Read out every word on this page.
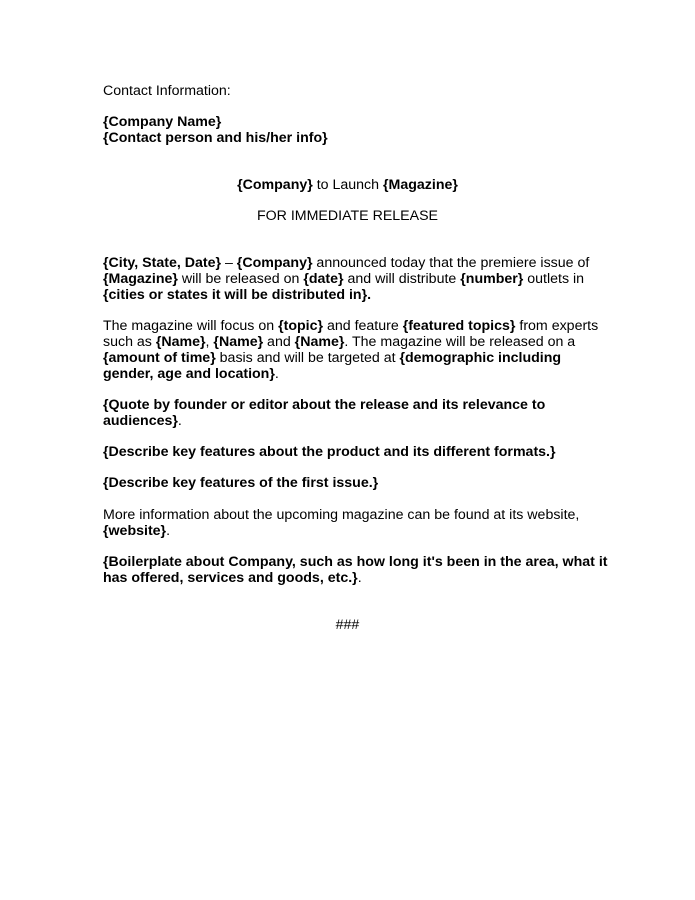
Contact Information:
{Company Name}
{Contact person and his/her info}
{Company} to Launch {Magazine}
FOR IMMEDIATE RELEASE
{City, State, Date} – {Company} announced today that the premiere issue of
{Magazine} will be released on {date} and will distribute {number} outlets in
{cities or states it will be distributed in}.
The magazine will focus on {topic} and feature {featured topics} from experts
such as {Name}, {Name} and {Name}. The magazine will be released on a
{amount of time} basis and will be targeted at {demographic including
gender, age and location}.
{Quote by founder or editor about the release and its relevance to
audiences}.
{Describe key features about the product and its different formats.}
{Describe key features of the first issue.}
More information about the upcoming magazine can be found at its website,
{website}.
{Boilerplate about Company, such as how long it's been in the area, what it
has offered, services and goods, etc.}.
###
